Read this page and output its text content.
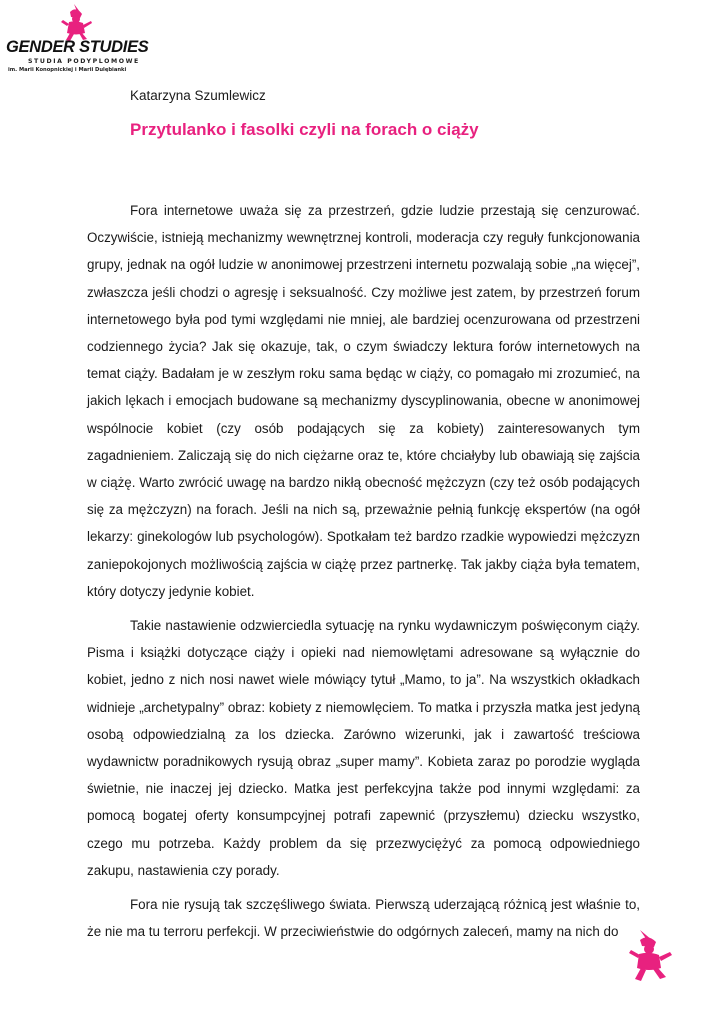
GENDER STUDIES
STUDIA PODYPLOMOWE
im. Marii Konopnickiej i Marii Dulębianki
Katarzyna Szumlewicz
Przytulanko i fasolki czyli na forach o ciąży

Fora internetowe uważa się za przestrzeń, gdzie ludzie przestają się cenzurować. Oczywiście, istnieją mechanizmy wewnętrznej kontroli, moderacja czy reguły funkcjonowania grupy, jednak na ogół ludzie w anonimowej przestrzeni internetu pozwalają sobie „na więcej”, zwłaszcza jeśli chodzi o agresję i seksualność. Czy możliwe jest zatem, by przestrzeń forum internetowego była pod tymi względami nie mniej, ale bardziej ocenzurowana od przestrzeni codziennego życia? Jak się okazuje, tak, o czym świadczy lektura forów internetowych na temat ciąży. Badałam je w zeszłym roku sama będąc w ciąży, co pomagało mi zrozumieć, na jakich lękach i emocjach budowane są mechanizmy dyscyplinowania, obecne w anonimowej wspólnocie kobiet (czy osób podających się za kobiety) zainteresowanych tym zagadnieniem. Zaliczają się do nich ciężarne oraz te, które chciałyby lub obawiają się zajścia w ciążę. Warto zwrócić uwagę na bardzo nikłą obecność mężczyzn (czy też osób podających się za mężczyzn) na forach. Jeśli na nich są, przeważnie pełnią funkcję ekspertów (na ogół lekarzy: ginekologów lub psychologów). Spotkałam też bardzo rzadkie wypowiedzi mężczyzn zaniepokojonych możliwością zajścia w ciążę przez partnerkę. Tak jakby ciąża była tematem, który dotyczy jedynie kobiet.

Takie nastawienie odzwierciedla sytuację na rynku wydawniczym poświęconym ciąży. Pisma i książki dotyczące ciąży i opieki nad niemowlętami adresowane są wyłącznie do kobiet, jedno z nich nosi nawet wiele mówiący tytuł „Mamo, to ja”. Na wszystkich okładkach widnieje „archetypalny” obraz: kobiety z niemowlęciem. To matka i przyszła matka jest jedyną osobą odpowiedzialną za los dziecka. Zarówno wizerunki, jak i zawartość treściowa wydawnictw poradnikowych rysują obraz „super mamy”. Kobieta zaraz po porodzie wygląda świetnie, nie inaczej jej dziecko. Matka jest perfekcyjna także pod innymi względami: za pomocą bogatej oferty konsumpcyjnej potrafi zapewnić (przyszłemu) dziecku wszystko, czego mu potrzeba. Każdy problem da się przezwyciężyć za pomocą odpowiedniego zakupu, nastawienia czy porady.

Fora nie rysują tak szczęśliwego świata. Pierwszą uderzającą różnicą jest właśnie to, że nie ma tu terroru perfekcji. W przeciwieństwie do odgórnych zaleceń, mamy na nich do
